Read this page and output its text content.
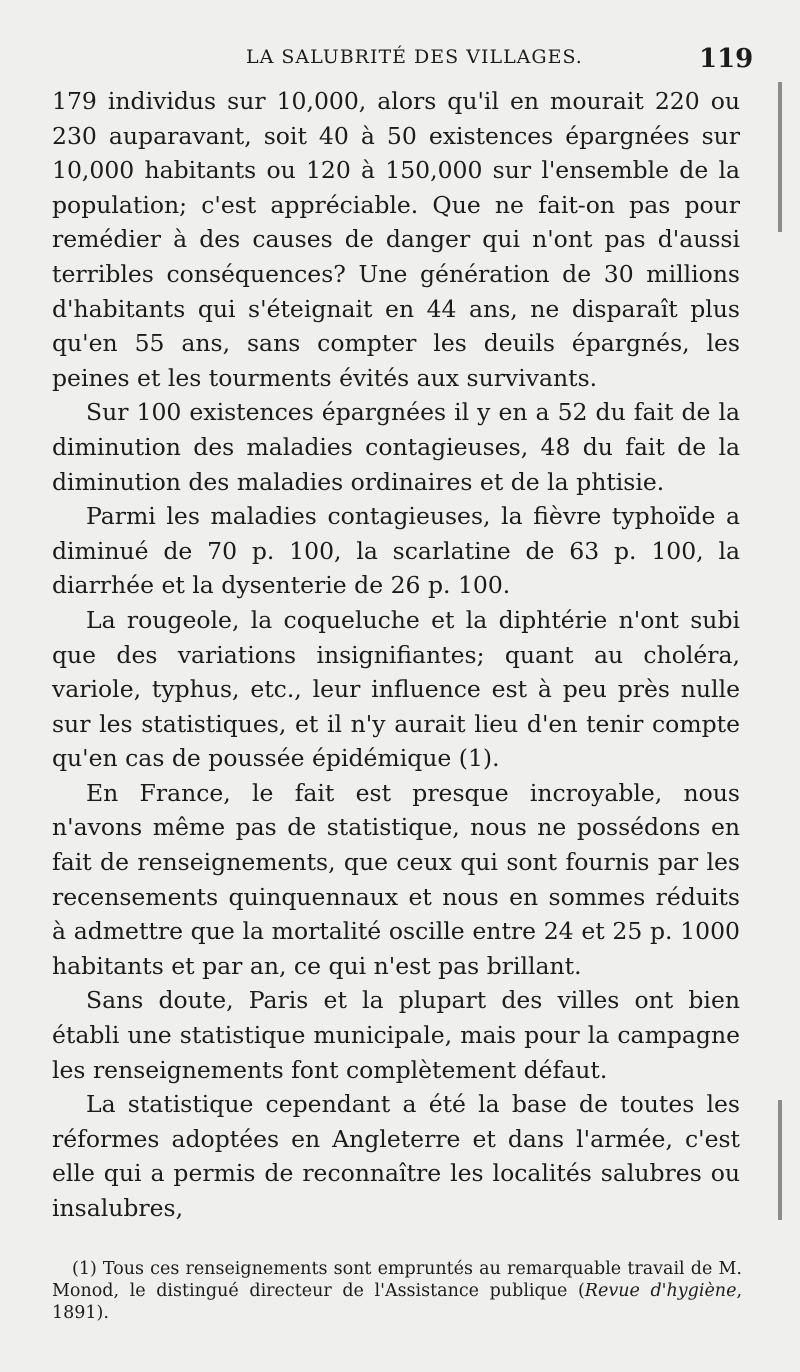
LA SALUBRITÉ DES VILLAGES.	119

179 individus sur 10,000, alors qu'il en mourait 220 ou 230 auparavant, soit 40 à 50 existences épargnées sur 10,000 habitants ou 120 à 150,000 sur l'ensemble de la population; c'est appréciable. Que ne fait-on pas pour remédier à des causes de danger qui n'ont pas d'aussi terribles conséquences? Une génération de 30 millions d'habitants qui s'éteignait en 44 ans, ne disparaît plus qu'en 55 ans, sans compter les deuils épargnés, les peines et les tourments évités aux survivants.

Sur 100 existences épargnées il y en a 52 du fait de la diminution des maladies contagieuses, 48 du fait de la diminution des maladies ordinaires et de la phtisie.

Parmi les maladies contagieuses, la fièvre typhoïde a diminué de 70 p. 100, la scarlatine de 63 p. 100, la diarrhée et la dysenterie de 26 p. 100.

La rougeole, la coqueluche et la diphtérie n'ont subi que des variations insignifiantes; quant au choléra, variole, typhus, etc., leur influence est à peu près nulle sur les statistiques, et il n'y aurait lieu d'en tenir compte qu'en cas de poussée épidémique (1).

En France, le fait est presque incroyable, nous n'avons même pas de statistique, nous ne possédons en fait de renseignements, que ceux qui sont fournis par les recensements quinquennaux et nous en sommes réduits à admettre que la mortalité oscille entre 24 et 25 p. 1000 habitants et par an, ce qui n'est pas brillant.

Sans doute, Paris et la plupart des villes ont bien établi une statistique municipale, mais pour la campagne les renseignements font complètement défaut.

La statistique cependant a été la base de toutes les réformes adoptées en Angleterre et dans l'armée, c'est elle qui a permis de reconnaître les localités salubres ou insalubres,

(1) Tous ces renseignements sont empruntés au remarquable travail de M. Monod, le distingué directeur de l'Assistance publique (Revue d'hygiène, 1891).
